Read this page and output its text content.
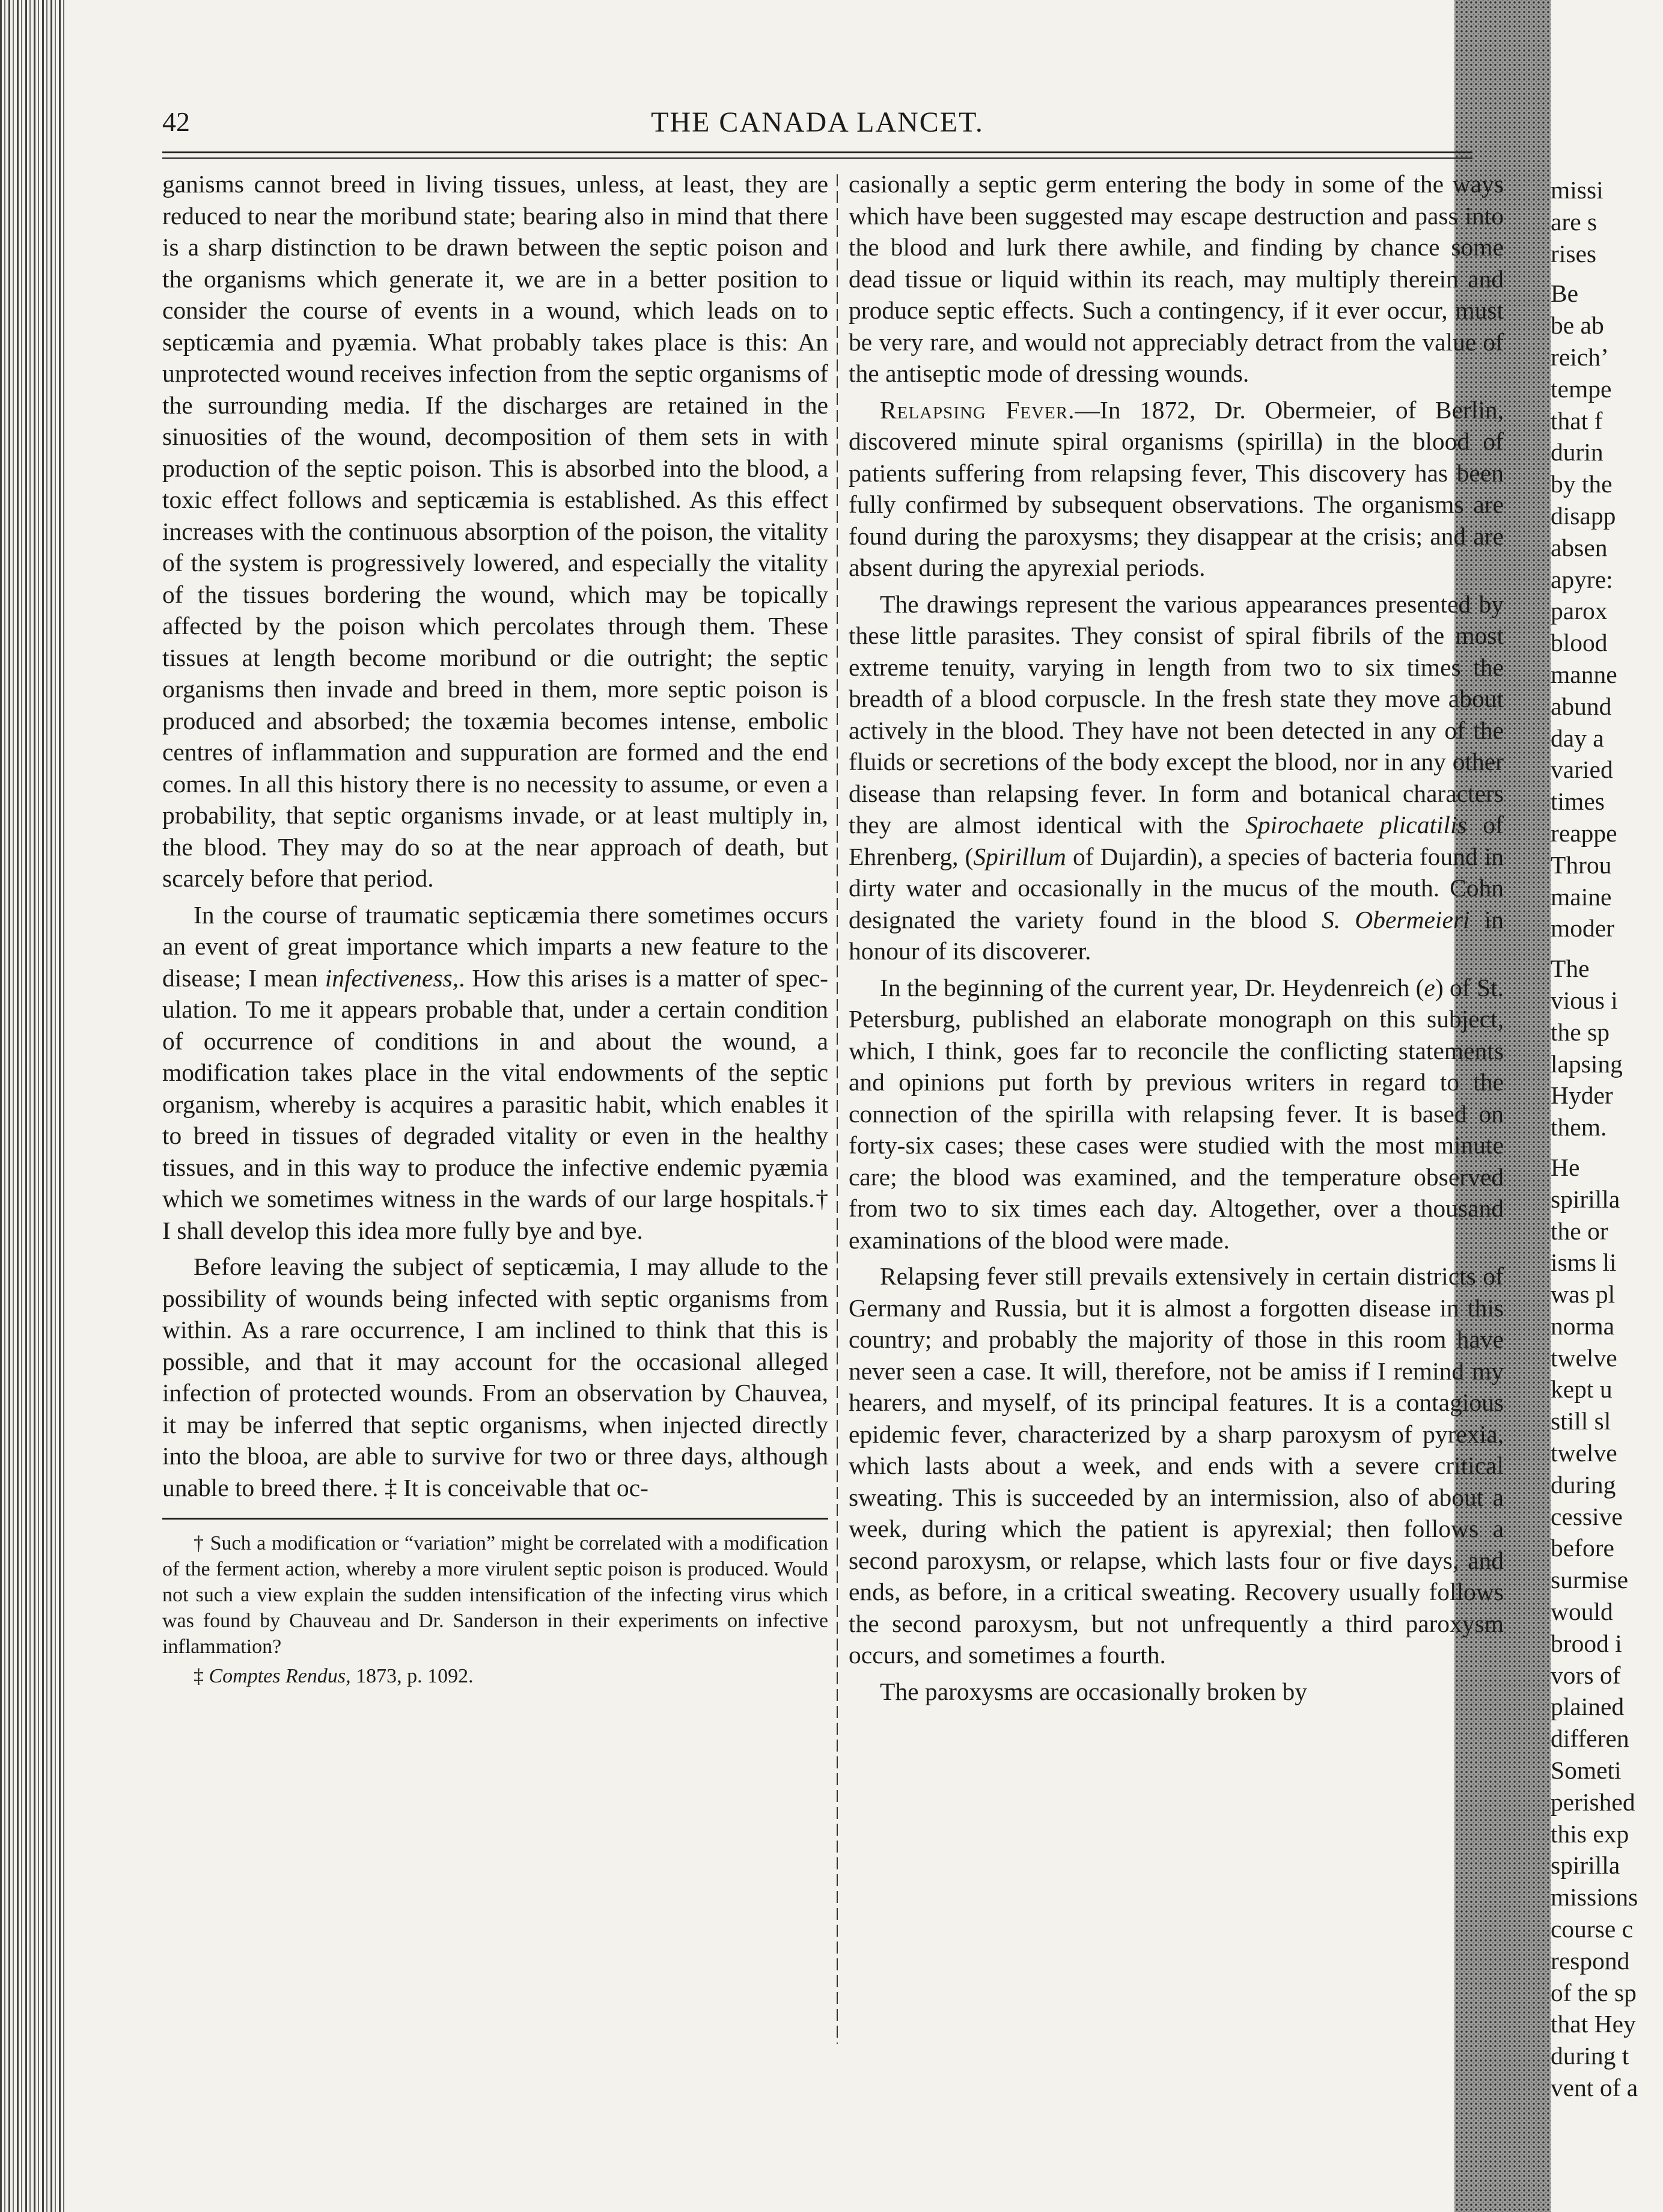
42	THE CANADA LANCET.

ganisms cannot breed in living tissues, unless, at least, they are reduced to near the moribund state; bearing also in mind that there is a sharp distinction to be drawn between the septic poison and the organisms which generate it, we are in a better position to consider the course of events in a wound, which leads on to septicæmia and pyæmia. What probably takes place is this: An unprotected wound receives infection from the septic organisms of the surrounding media. If the discharges are retained in the sinuosities of the wound, decomposition of them sets in with production of the septic poison. This is absorbed into the blood, a toxic effect follows and septicæmia is established. As this effect increases with the continuous absorption of the poison, the vitality of the system is progressively lowered, and especially the vitality of the tissues bordering the wound, which may be topically affected by the poison which percolates through them. These tissues at length become moribund or die outright; the septic organisms then invade and breed in them, more septic poison is produced and absorbed; the toxæmia becomes intense, embolic centres of inflammation and suppuration are formed and the end comes. In all this history there is no necessity to assume, or even a probability, that septic organisms invade, or at least multiply in, the blood. They may do so at the near approach of death, but scarcely before that period.

In the course of traumatic septicæmia there sometimes occurs an event of great importance which imparts a new feature to the disease; I mean infectiveness,. How this arises is a matter of spec- ulation. To me it appears probable that, under a certain condition of occurrence of conditions in and about the wound, a modification takes place in the vital endowments of the septic organism, whereby is acquires a parasitic habit, which enables it to breed in tissues of degraded vitality or even in the healthy tissues, and in this way to produce the infective endemic pyæmia which we sometimes witness in the wards of our large hospitals.† I shall develop this idea more fully bye and bye.

Before leaving the subject of septicæmia, I may allude to the possibility of wounds being infected with septic organisms from within. As a rare occurrence, I am inclined to think that this is possible, and that it may account for the occasional alleged infection of protected wounds. From an observation by Chauvea, it may be inferred that septic organisms, when injected directly into the blooa, are able to survive for two or three days, although unable to breed there. ‡ It is conceivable that oc-

† Such a modification or “variation” might be correlated with a modification of the ferment action, whereby a more virulent septic poison is produced. Would not such a view explain the sudden intensification of the infecting virus which was found by Chauveau and Dr. Sanderson in their experiments on infective inflammation?

‡ Comptes Rendus, 1873, p. 1092.

casionally a septic germ entering the body in some of the ways which have been suggested may escape destruction and pass into the blood and lurk there awhile, and finding by chance some dead tissue or liquid within its reach, may multiply therein and produce septic effects. Such a contingency, if it ever occur, must be very rare, and would not appreciably detract from the value of the antiseptic mode of dressing wounds.

Relapsing Fever.—In 1872, Dr. Obermeier, of Berlin, discovered minute spiral organisms (spirilla) in the blood of patients suffering from relapsing fever, This discovery has been fully confirmed by subsequent observations. The organisms are found during the paroxysms; they disappear at the crisis; and are absent during the apyrexial periods.

The drawings represent the various appearances presented by these little parasites. They consist of spiral fibrils of the most extreme tenuity, varying in length from two to six times the breadth of a blood corpuscle. In the fresh state they move about actively in the blood. They have not been detected in any of the fluids or secretions of the body except the blood, nor in any other disease than relapsing fever. In form and botanical characters they are almost identical with the Spirochaete plicatilis of Ehrenberg, (Spirillum of Dujardin), a species of bacteria found in dirty water and occasionally in the mucus of the mouth. Cohn designated the variety found in the blood S. Obermeieri in honour of its discoverer.

In the beginning of the current year, Dr. Heydenreich (e) of St. Petersburg, published an elaborate monograph on this subject, which, I think, goes far to reconcile the conflicting statements and opinions put forth by previous writers in regard to the connection of the spirilla with relapsing fever. It is based on forty-six cases; these cases were studied with the most minute care; the blood was examined, and the temperature observed from two to six times each day. Altogether, over a thousand examinations of the blood were made.

Relapsing fever still prevails extensively in certain districts of Germany and Russia, but it is almost a forgotten disease in this country; and probably the majority of those in this room have never seen a case. It will, therefore, not be amiss if I remind my hearers, and myself, of its principal features. It is a contagious epidemic fever, characterized by a sharp paroxysm of pyrexia, which lasts about a week, and ends with a severe critical sweating. This is succeeded by an intermission, also of about a week, during which the patient is apyrexial; then follows a second paroxysm, or relapse, which lasts four or five days, and ends, as before, in a critical sweating. Recovery usually follows the second paroxysm, but not unfrequently a third paroxysm occurs, and sometimes a fourth.

The paroxysms are occasionally broken by

missi
are s
rises
Be
be ab
reich’
tempe
that f
durin
by the
disapp
absen
apyre:
parox
blood
manne
abund
day a
varied
times
reappe
Throu
maine
moder
The
vious i
the sp
lapsing
Hyder
them.
He
spirilla
the or
isms li
was pl
norma
twelve
kept u
still sl
twelve
during
cessive
before
surmise
would
brood i
vors of
plained
differen
Someti
perished
this exp
spirilla
missions
course c
respond
of the sp
that Hey
during t
vent of a
